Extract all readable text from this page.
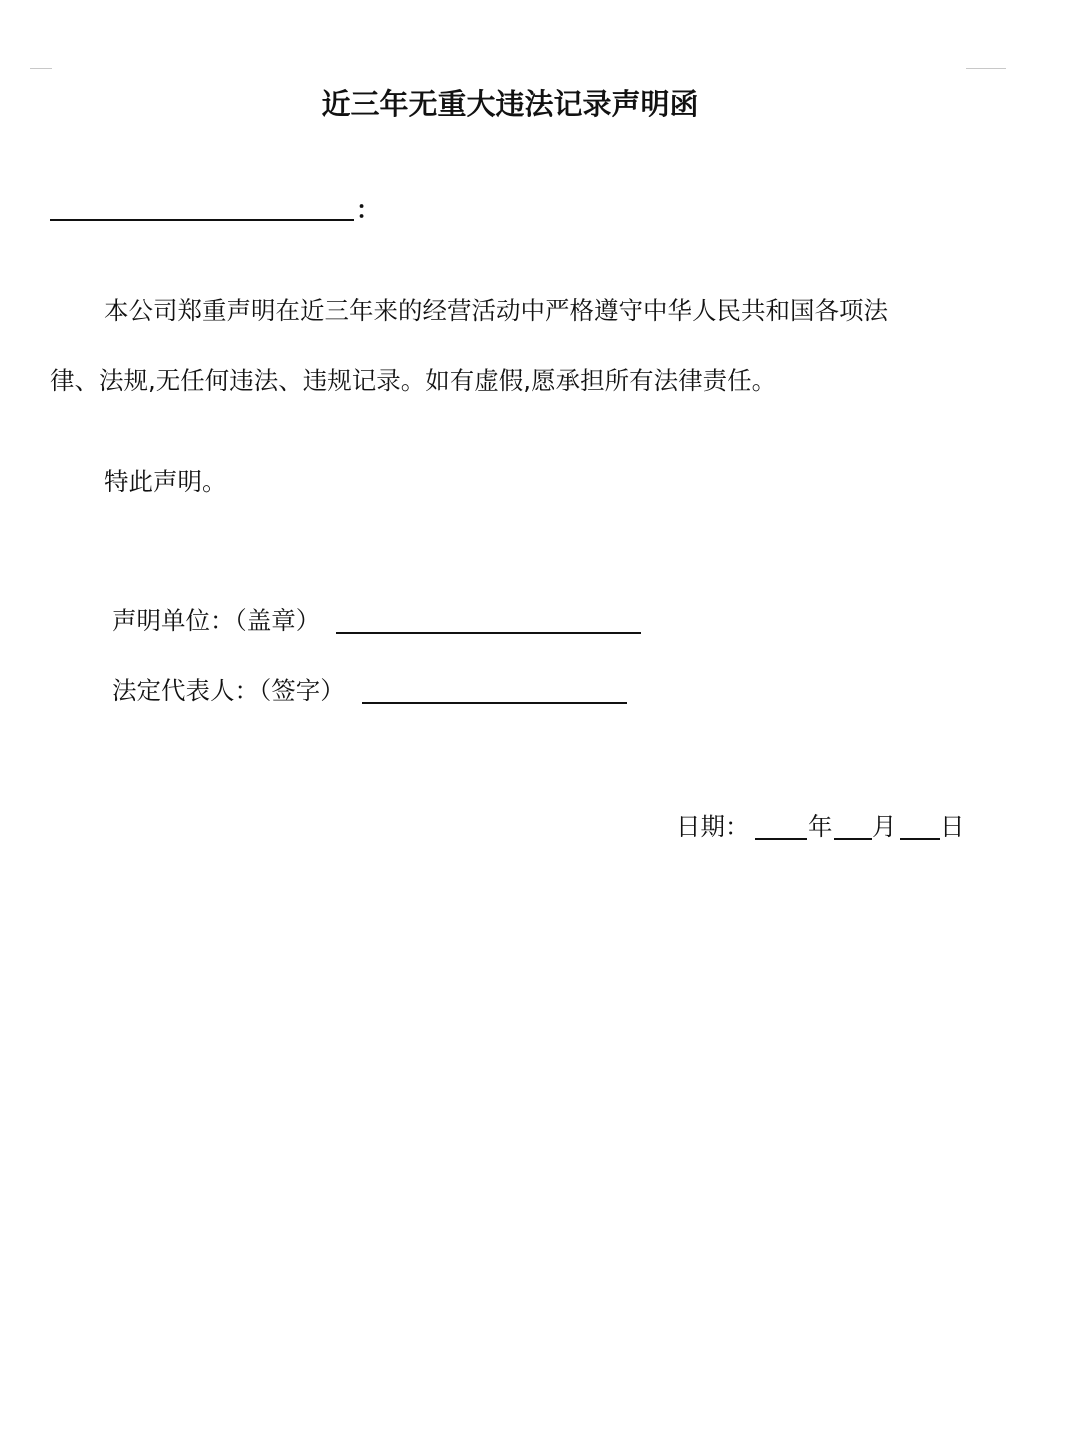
近三年无重大违法记录声明函
：
本公司郑重声明在近三年来的经营活动中严格遵守中华人民共和国各项法
律、法规,无任何违法、违规记录。如有虚假,愿承担所有法律责任。
特此声明。
声明单位：（盖章）
法定代表人：（签字）
日期： 年 月 日
